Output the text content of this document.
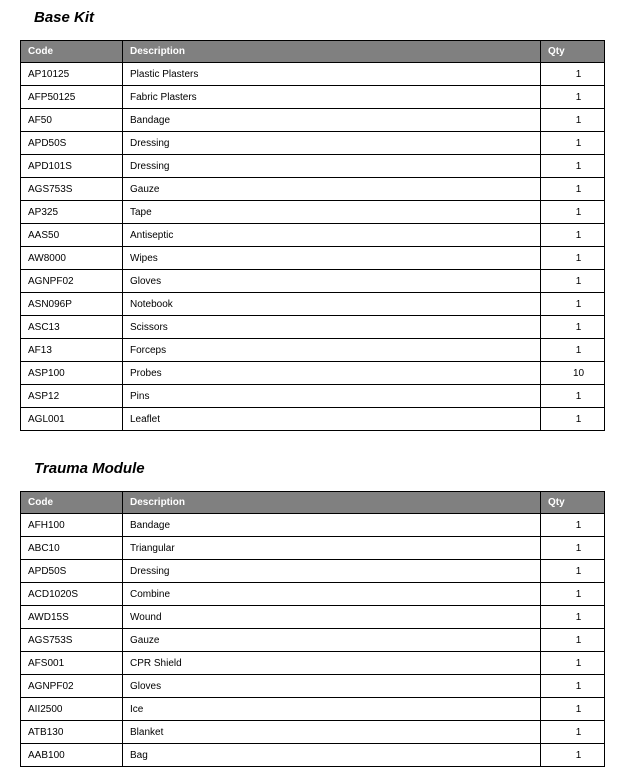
Base Kit
Code	Description	Qty
AP10125	Plastic Plasters	1
AFP50125	Fabric Plasters	1
AF50	Bandage	1
APD50S	Dressing	1
APD101S	Dressing	1
AGS753S	Gauze	1
AP325	Tape	1
AAS50	Antiseptic	1
AW8000	Wipes	1
AGNPF02	Gloves	1
ASN096P	Notebook	1
ASC13	Scissors	1
AF13	Forceps	1
ASP100	Probes	10
ASP12	Pins	1
AGL001	Leaflet	1
Trauma Module
Code	Description	Qty
AFH100	Bandage	1
ABC10	Triangular	1
APD50S	Dressing	1
ACD1020S	Combine	1
AWD15S	Wound	1
AGS753S	Gauze	1
AFS001	CPR Shield	1
AGNPF02	Gloves	1
AII2500	Ice	1
ATB130	Blanket	1
AAB100	Bag	1
